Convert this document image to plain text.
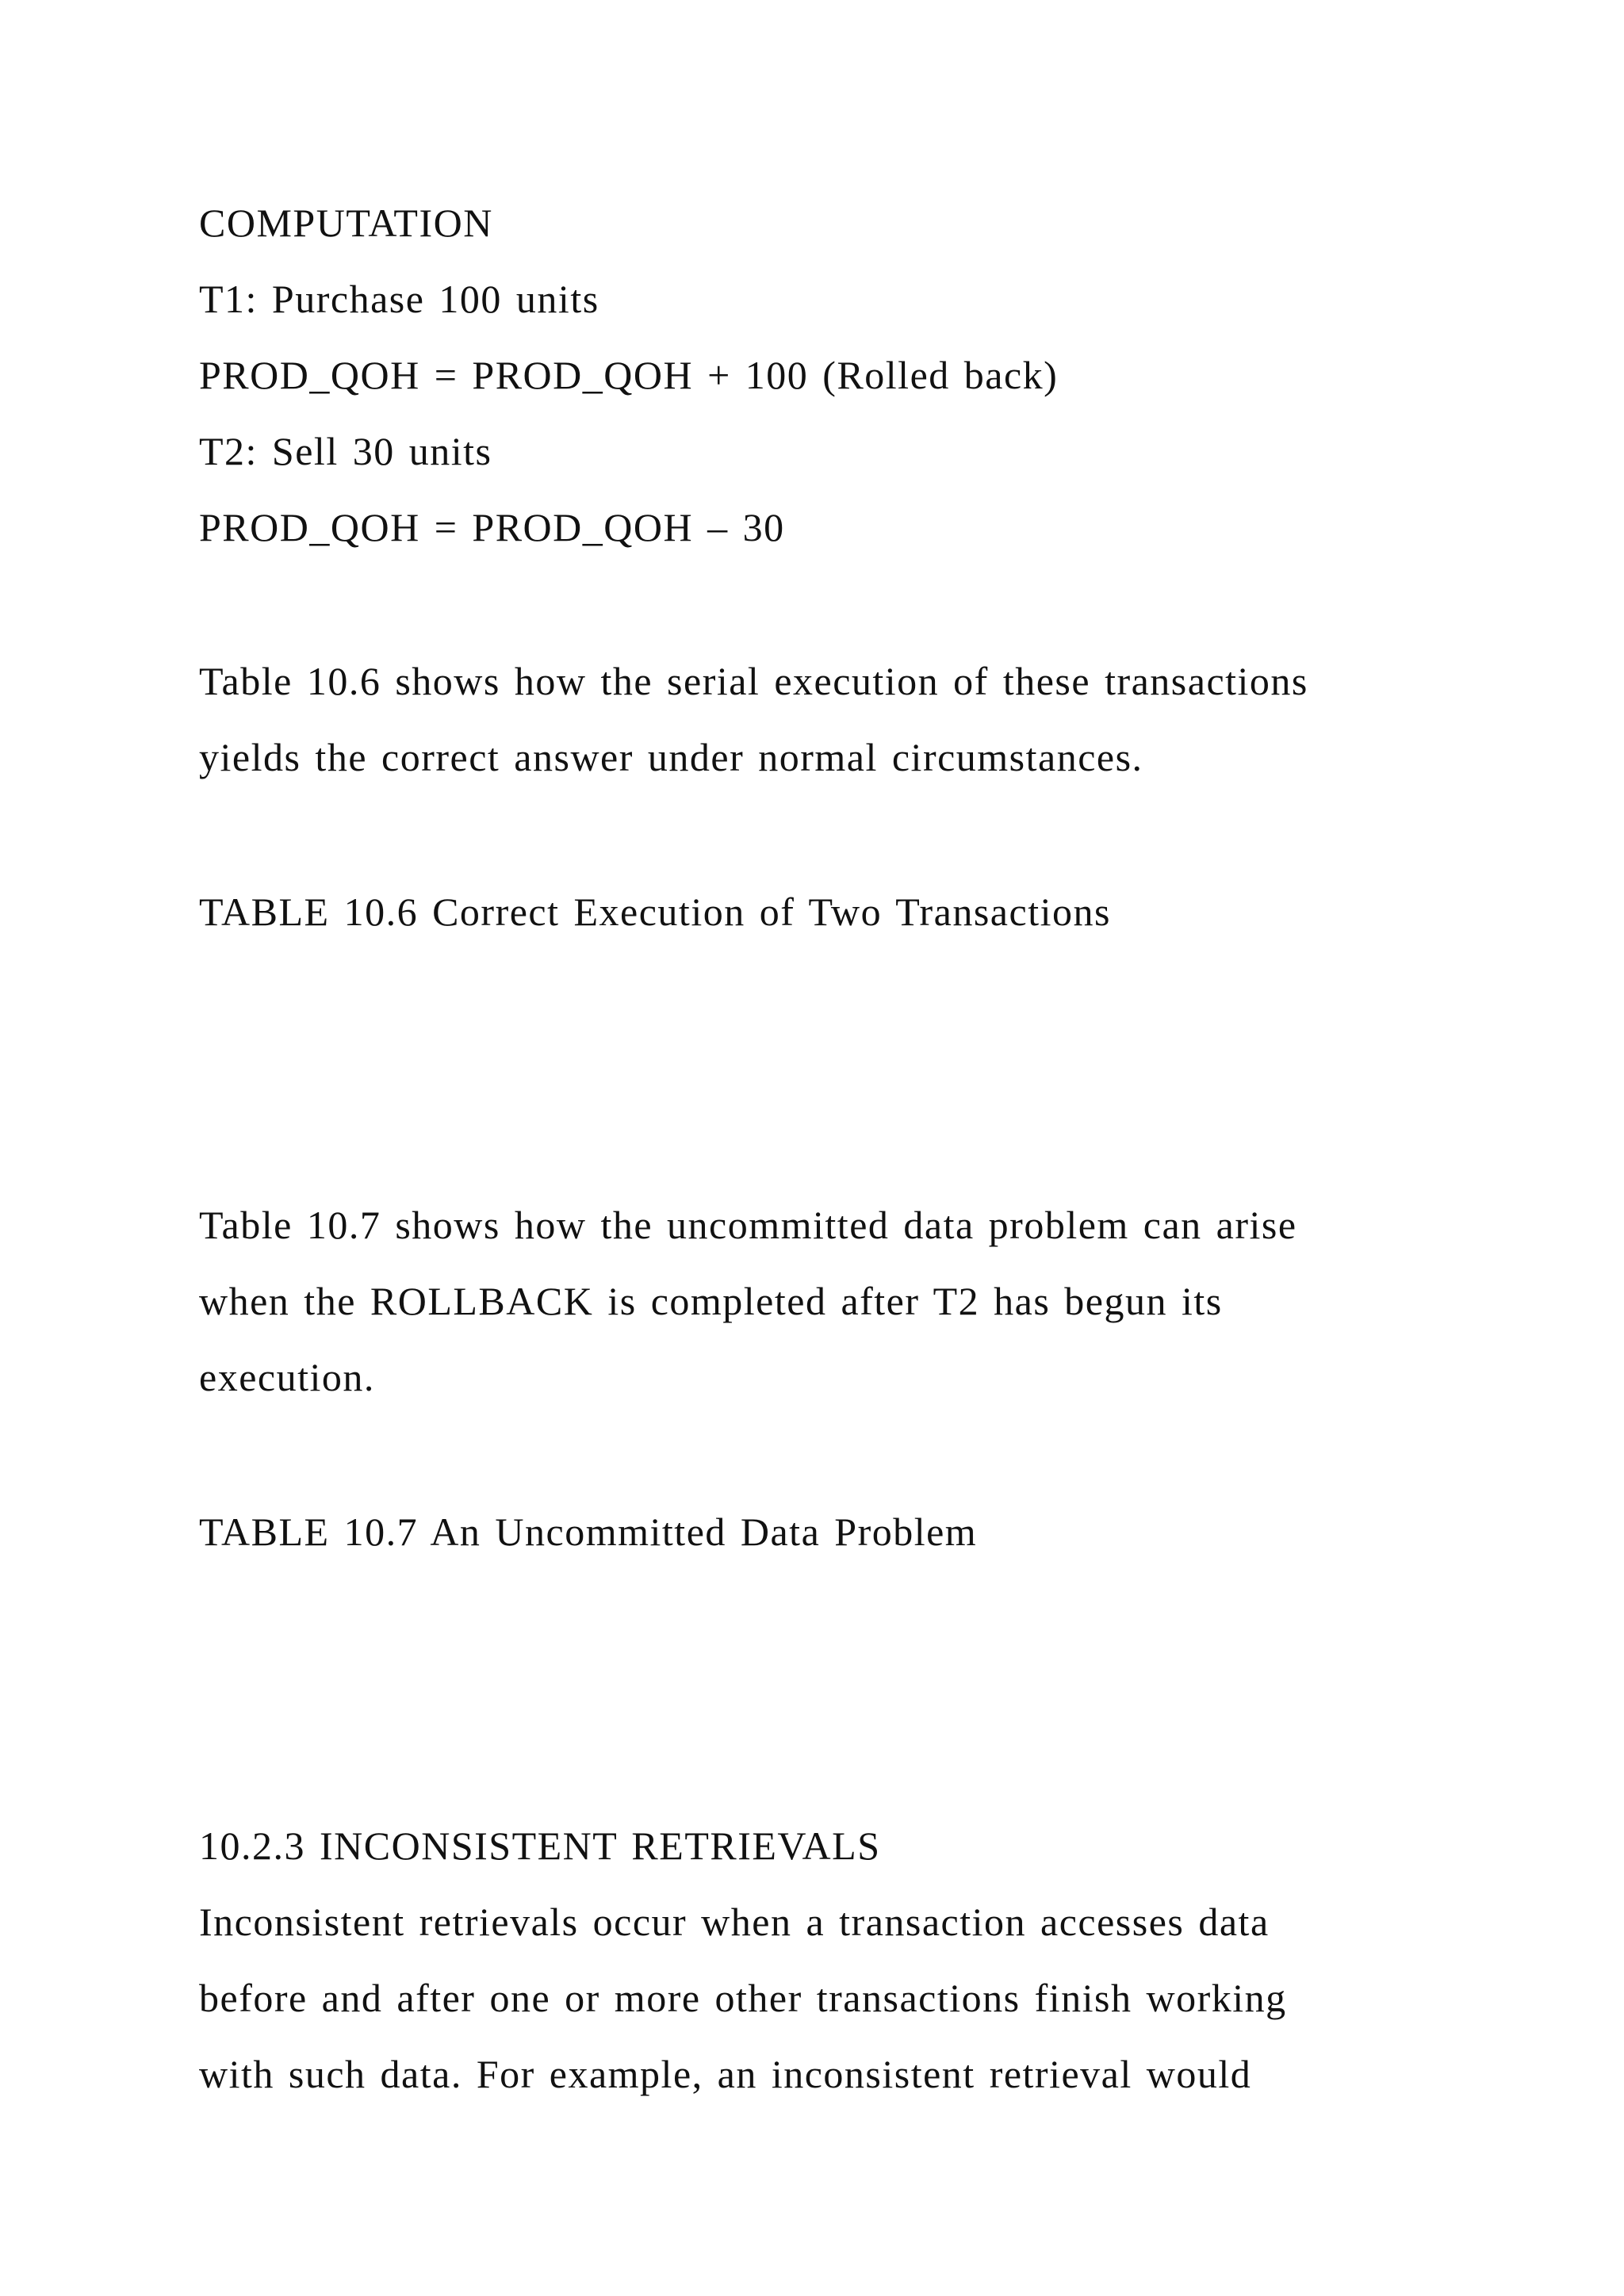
COMPUTATION
T1: Purchase 100 units
PROD_QOH = PROD_QOH + 100 (Rolled back)
T2: Sell 30 units
PROD_QOH = PROD_QOH – 30
Table 10.6 shows how the serial execution of these transactions
yields the correct answer under normal circumstances.
TABLE 10.6 Correct Execution of Two Transactions
Table 10.7 shows how the uncommitted data problem can arise
when the ROLLBACK is completed after T2 has begun its
execution.
TABLE 10.7 An Uncommitted Data Problem
10.2.3 INCONSISTENT RETRIEVALS
Inconsistent retrievals occur when a transaction accesses data
before and after one or more other transactions finish working
with such data. For example, an inconsistent retrieval would
